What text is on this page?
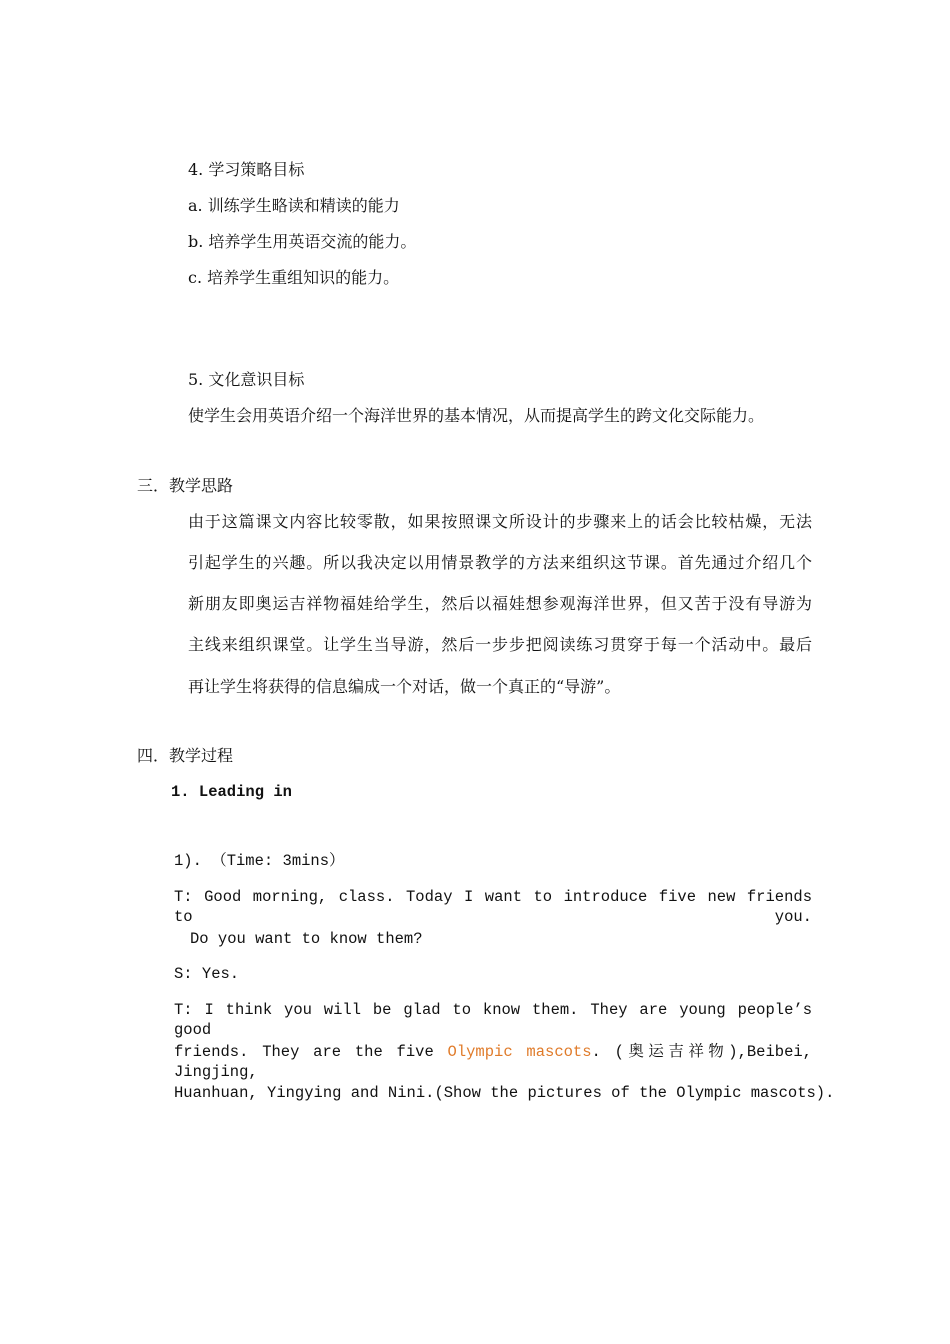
4. 学习策略目标
a. 训练学生略读和精读的能力
b. 培养学生用英语交流的能力。
c. 培养学生重组知识的能力。
5. 文化意识目标
使学生会用英语介绍一个海洋世界的基本情况，从而提高学生的跨文化交际能力。
三．教学思路
由于这篇课文内容比较零散，如果按照课文所设计的步骤来上的话会比较枯燥，无法
引起学生的兴趣。所以我决定以用情景教学的方法来组织这节课。首先通过介绍几个
新朋友即奥运吉祥物福娃给学生，然后以福娃想参观海洋世界，但又苦于没有导游为
主线来组织课堂。让学生当导游，然后一步步把阅读练习贯穿于每一个活动中。最后
再让学生将获得的信息编成一个对话，做一个真正的“导游”。
四．教学过程
1. Leading in
1). （Time: 3mins）
T: Good morning, class. Today I want to introduce five new friends to you.
Do you want to know them?
S: Yes.
T: I think you will be glad to know them. They are young people’s good
friends. They are the five Olympic mascots. (奥运吉祥物),Beibei, Jingjing,
Huanhuan, Yingying and Nini.(Show the pictures of the Olympic mascots).
